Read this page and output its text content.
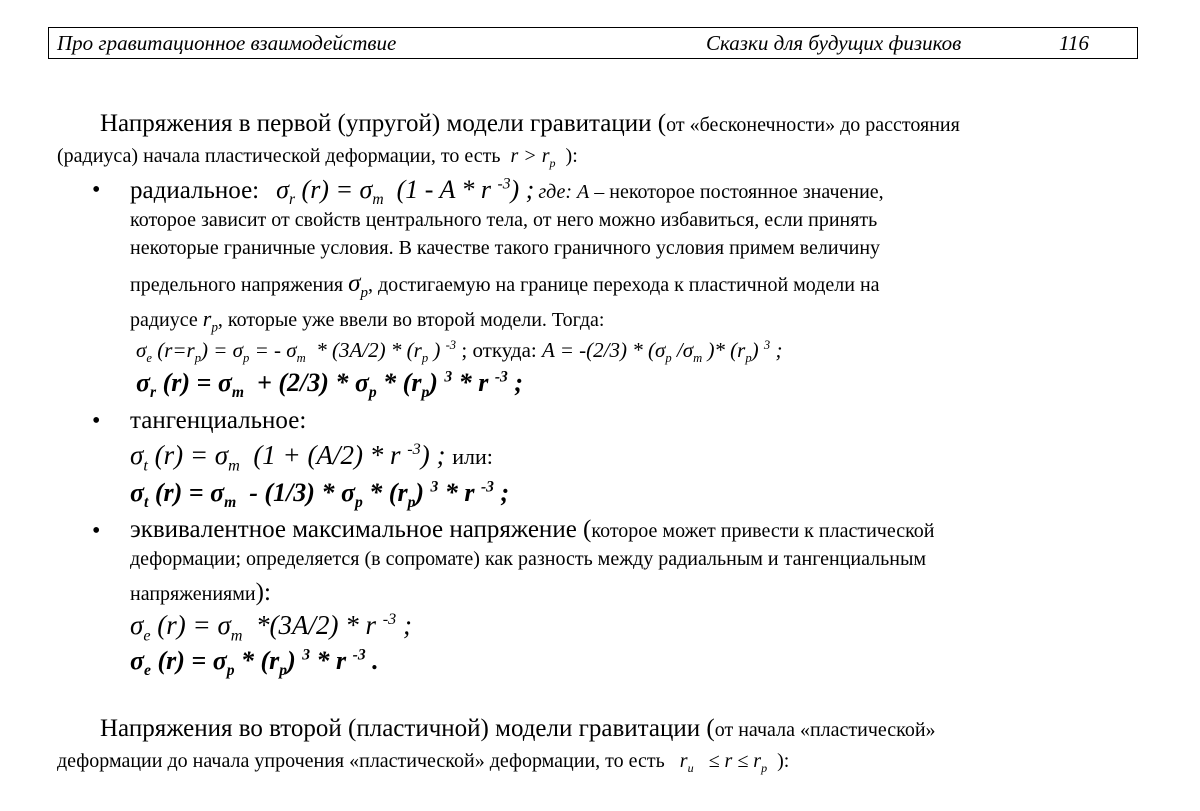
Про гравитационное взаимодействие	Сказки для будущих физиков	116
Напряжения в первой (упругой) модели гравитации (от «бесконечности» до расстояния
(радиуса) начала пластической деформации, то есть  $r > r_p$  ):
• радиальное:   $\sigma_r$ $(r) = \sigma_m$  (1 - A * r $^{-3}$) ; где: A – некоторое постоянное значение,
которое зависит от свойств центрального тела, от него можно избавиться, если принять
некоторые граничные условия. В качестве такого граничного условия примем величину
предельного напряжения $\sigma_p$, достигаемую на границе перехода к пластичной модели на
радиусе $r_p$, которые уже ввели во второй модели. Тогда:
$\sigma_e$ $(r=r_p) = \sigma_p$ = - $\sigma_m * (3A/2) * (r_p$ ) $^{-3}$ ; откуда: $A = -(2/3) * (\sigma_p$ $/\sigma_m$ )* $(r_p)$ $^3$ ;
$\sigma_r$ $(r) = \sigma_m + (2/3) * \sigma_p * (r_p)$ $^3$ * r $^{-3}$ ;
• тангенциальное:
$\sigma_t$ $(r) = \sigma_m$  (1 + (A/2) * r $^{-3}$) ; или:
$\sigma_t$ $(r) = \sigma_m - (1/3) * \sigma_p * (r_p)$ $^3$ * r $^{-3}$ ;
• эквивалентное максимальное напряжение (которое может привести к пластической
деформации; определяется (в сопромате) как разность между радиальным и тангенциальным
напряжениями):
$\sigma_e$ $(r) = \sigma_m$  *(3A/2) * r $^{-3}$ ;
$\sigma_e$ $(r) = \sigma_p * (r_p)$ $^3$ * r $^{-3}$ .
Напряжения во второй (пластичной) модели гравитации (от начала «пластической»
деформации до начала упрочения «пластической» деформации, то есть   $r_u \le r \le r_p$  ):
